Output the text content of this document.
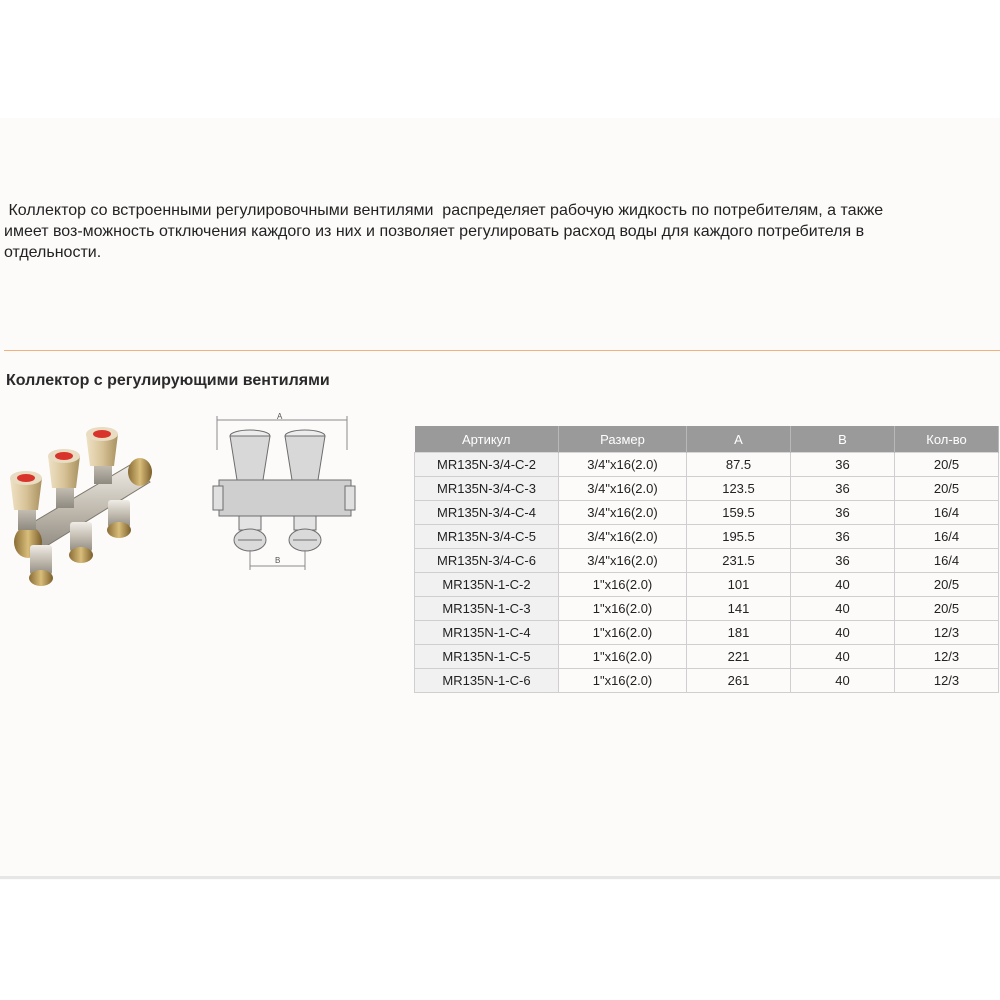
Коллектор со встроенными регулировочными вентилями  распределяет рабочую жидкость по потребителям, а также
имеет воз-можность отключения каждого из них и позволяет регулировать расход воды для каждого потребителя в
отдельности.

Коллектор с регулирующими вентилями
A
B
Артикул	Размер	A	B	Кол-во
MR135N-3/4-C-2	3/4"x16(2.0)	87.5	36	20/5
MR135N-3/4-C-3	3/4"x16(2.0)	123.5	36	20/5
MR135N-3/4-C-4	3/4"x16(2.0)	159.5	36	16/4
MR135N-3/4-C-5	3/4"x16(2.0)	195.5	36	16/4
MR135N-3/4-C-6	3/4"x16(2.0)	231.5	36	16/4
MR135N-1-C-2	1"x16(2.0)	101	40	20/5
MR135N-1-C-3	1"x16(2.0)	141	40	20/5
MR135N-1-C-4	1"x16(2.0)	181	40	12/3
MR135N-1-C-5	1"x16(2.0)	221	40	12/3
MR135N-1-C-6	1"x16(2.0)	261	40	12/3
